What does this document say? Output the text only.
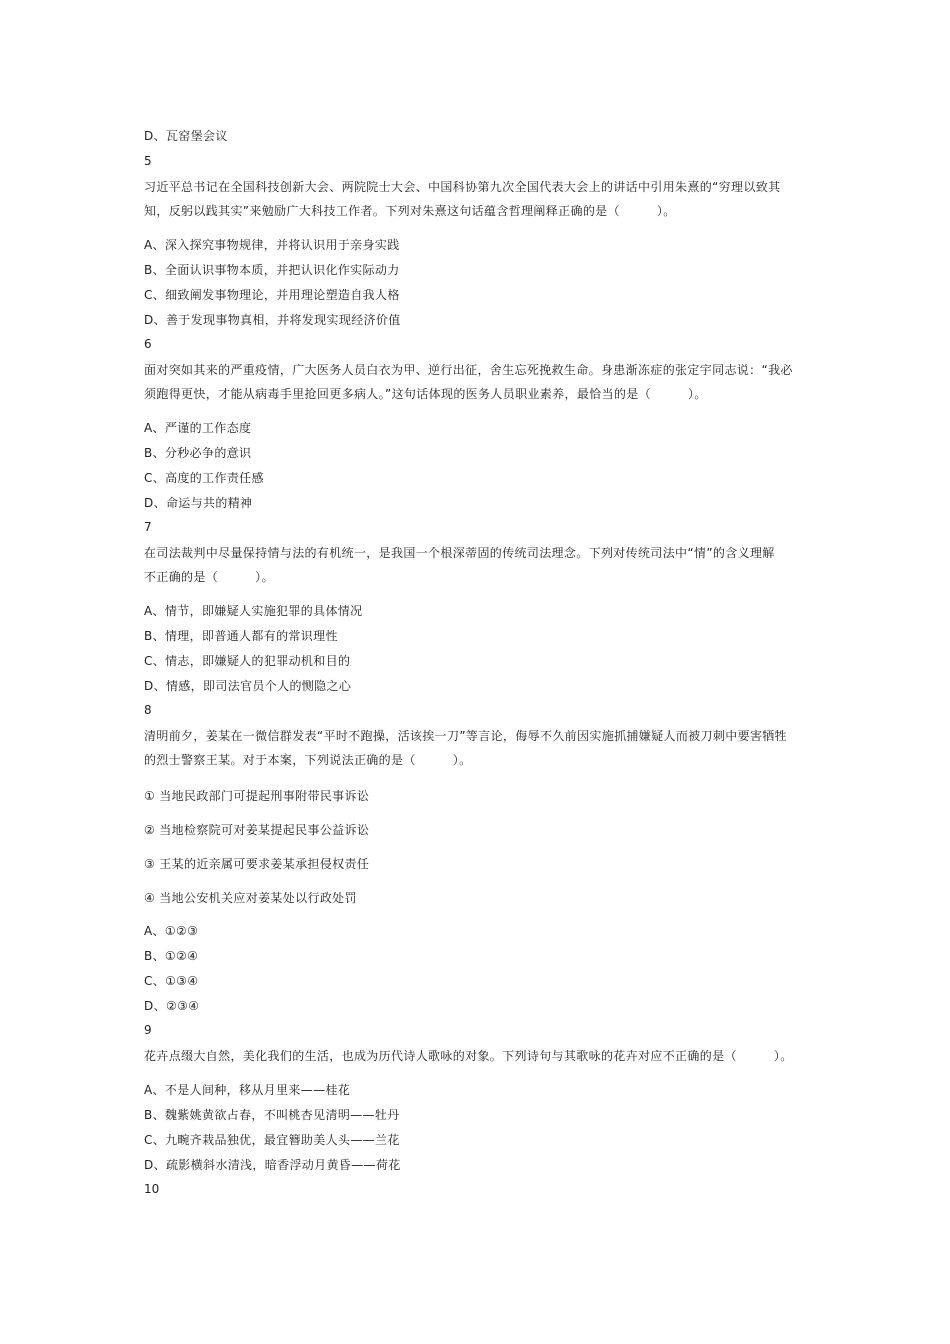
D、瓦窑堡会议
5
习近平总书记在全国科技创新大会、两院院士大会、中国科协第九次全国代表大会上的讲话中引用朱熹的“穷理以致其
知，反躬以践其实”来勉励广大科技工作者。下列对朱熹这句话蕴含哲理阐释正确的是（　　　）。
A、深入探究事物规律，并将认识用于亲身实践
B、全面认识事物本质，并把认识化作实际动力
C、细致阐发事物理论，并用理论塑造自我人格
D、善于发现事物真相，并将发现实现经济价值
6
面对突如其来的严重疫情，广大医务人员白衣为甲、逆行出征，舍生忘死挽救生命。身患渐冻症的张定宇同志说：“我必
须跑得更快，才能从病毒手里抢回更多病人。”这句话体现的医务人员职业素养，最恰当的是（　　　）。
A、严谨的工作态度
B、分秒必争的意识
C、高度的工作责任感
D、命运与共的精神
7
在司法裁判中尽量保持情与法的有机统一，是我国一个根深蒂固的传统司法理念。下列对传统司法中“情”的含义理解
不正确的是（　　　）。
A、情节，即嫌疑人实施犯罪的具体情况
B、情理，即普通人都有的常识理性
C、情志，即嫌疑人的犯罪动机和目的
D、情感，即司法官员个人的恻隐之心
8
清明前夕，姜某在一微信群发表“平时不跑操，活该挨一刀”等言论，侮辱不久前因实施抓捕嫌疑人而被刀刺中要害牺牲
的烈士警察王某。对于本案，下列说法正确的是（　　　）。
① 当地民政部门可提起刑事附带民事诉讼
② 当地检察院可对姜某提起民事公益诉讼
③ 王某的近亲属可要求姜某承担侵权责任
④ 当地公安机关应对姜某处以行政处罚
A、①②③
B、①②④
C、①③④
D、②③④
9
花卉点缀大自然，美化我们的生活，也成为历代诗人歌咏的对象。下列诗句与其歌咏的花卉对应不正确的是（　　　）。
A、不是人间种，移从月里来——桂花
B、魏紫姚黄欲占春，不叫桃杏见清明——牡丹
C、九畹齐栽品独优，最宜簪助美人头——兰花
D、疏影横斜水清浅，暗香浮动月黄昏——荷花
10
